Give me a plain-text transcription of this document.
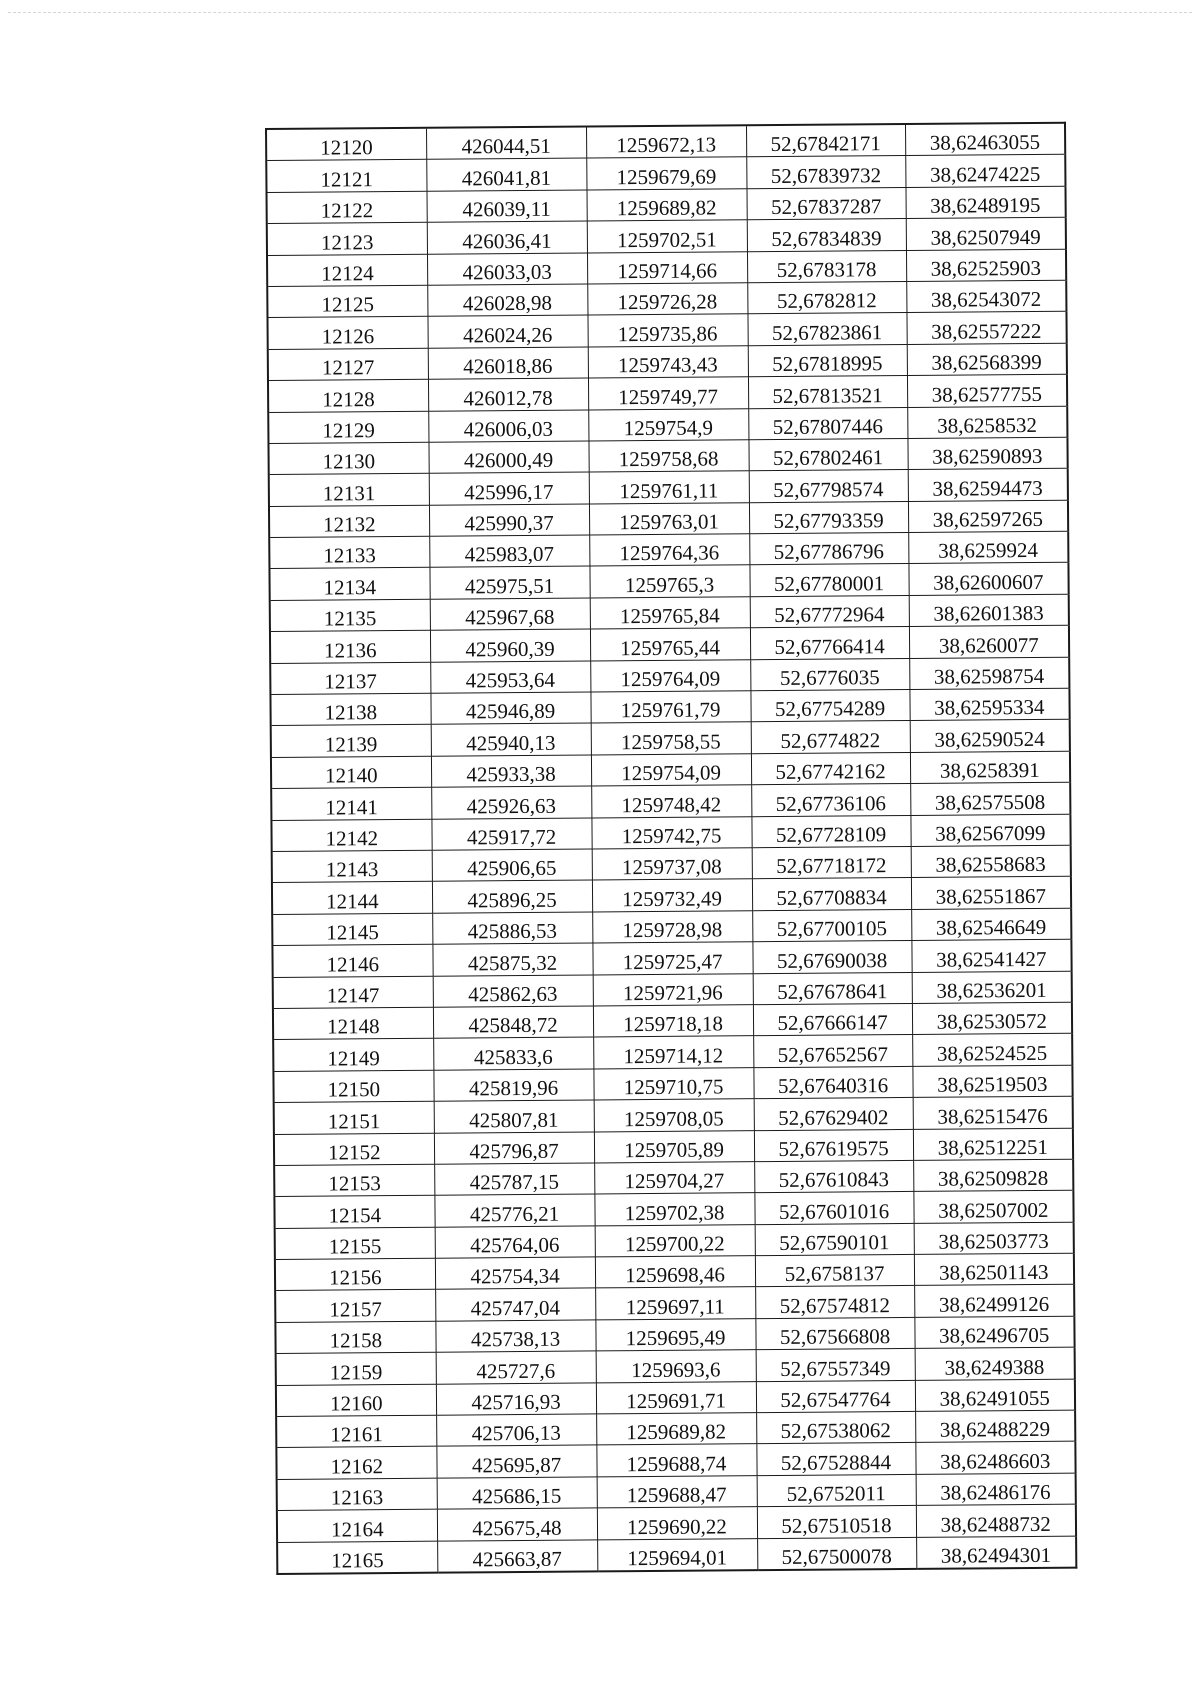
12120	426044,51	1259672,13	52,67842171	38,62463055
12121	426041,81	1259679,69	52,67839732	38,62474225
12122	426039,11	1259689,82	52,67837287	38,62489195
12123	426036,41	1259702,51	52,67834839	38,62507949
12124	426033,03	1259714,66	52,6783178	38,62525903
12125	426028,98	1259726,28	52,6782812	38,62543072
12126	426024,26	1259735,86	52,67823861	38,62557222
12127	426018,86	1259743,43	52,67818995	38,62568399
12128	426012,78	1259749,77	52,67813521	38,62577755
12129	426006,03	1259754,9	52,67807446	38,6258532
12130	426000,49	1259758,68	52,67802461	38,62590893
12131	425996,17	1259761,11	52,67798574	38,62594473
12132	425990,37	1259763,01	52,67793359	38,62597265
12133	425983,07	1259764,36	52,67786796	38,6259924
12134	425975,51	1259765,3	52,67780001	38,62600607
12135	425967,68	1259765,84	52,67772964	38,62601383
12136	425960,39	1259765,44	52,67766414	38,6260077
12137	425953,64	1259764,09	52,6776035	38,62598754
12138	425946,89	1259761,79	52,67754289	38,62595334
12139	425940,13	1259758,55	52,6774822	38,62590524
12140	425933,38	1259754,09	52,67742162	38,6258391
12141	425926,63	1259748,42	52,67736106	38,62575508
12142	425917,72	1259742,75	52,67728109	38,62567099
12143	425906,65	1259737,08	52,67718172	38,62558683
12144	425896,25	1259732,49	52,67708834	38,62551867
12145	425886,53	1259728,98	52,67700105	38,62546649
12146	425875,32	1259725,47	52,67690038	38,62541427
12147	425862,63	1259721,96	52,67678641	38,62536201
12148	425848,72	1259718,18	52,67666147	38,62530572
12149	425833,6	1259714,12	52,67652567	38,62524525
12150	425819,96	1259710,75	52,67640316	38,62519503
12151	425807,81	1259708,05	52,67629402	38,62515476
12152	425796,87	1259705,89	52,67619575	38,62512251
12153	425787,15	1259704,27	52,67610843	38,62509828
12154	425776,21	1259702,38	52,67601016	38,62507002
12155	425764,06	1259700,22	52,67590101	38,62503773
12156	425754,34	1259698,46	52,6758137	38,62501143
12157	425747,04	1259697,11	52,67574812	38,62499126
12158	425738,13	1259695,49	52,67566808	38,62496705
12159	425727,6	1259693,6	52,67557349	38,6249388
12160	425716,93	1259691,71	52,67547764	38,62491055
12161	425706,13	1259689,82	52,67538062	38,62488229
12162	425695,87	1259688,74	52,67528844	38,62486603
12163	425686,15	1259688,47	52,6752011	38,62486176
12164	425675,48	1259690,22	52,67510518	38,62488732
12165	425663,87	1259694,01	52,67500078	38,62494301
